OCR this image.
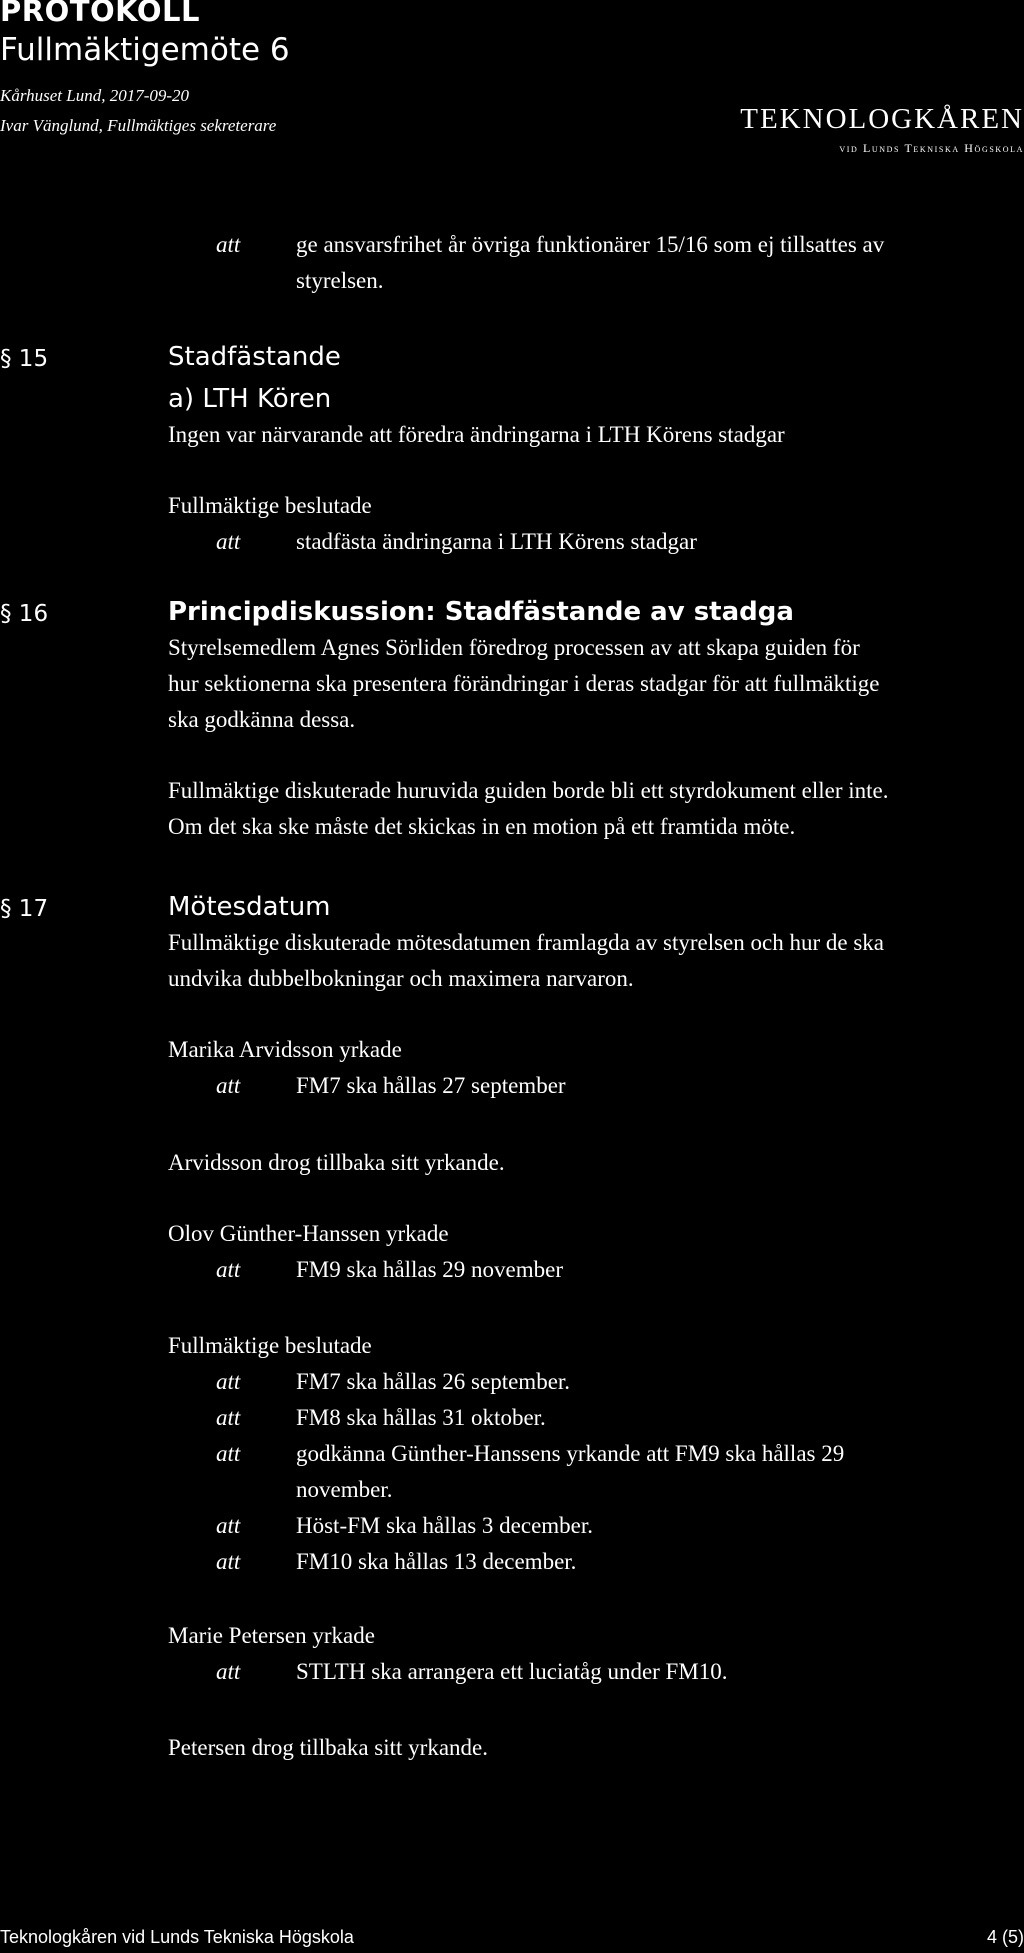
PROTOKOLL
Fullmäktigemöte 6
Kårhuset Lund, 2017-09-20
Ivar Vänglund, Fullmäktiges sekreterare	TEKNOLOGKÅREN
vid Lunds Tekniska Högskola
att ge ansvarsfrihet år övriga funktionärer 15/16 som ej tillsattes av
styrelsen.
§ 15	Stadfästande
a) LTH Kören
Ingen var närvarande att föredra ändringarna i LTH Körens stadgar
Fullmäktige beslutade
att stadfästa ändringarna i LTH Körens stadgar
§ 16	Principdiskussion: Stadfästande av stadga
Styrelsemedlem Agnes Sörliden föredrog processen av att skapa guiden för
hur sektionerna ska presentera förändringar i deras stadgar för att fullmäktige
ska godkänna dessa.
Fullmäktige diskuterade huruvida guiden borde bli ett styrdokument eller inte.
Om det ska ske måste det skickas in en motion på ett framtida möte.
§ 17	Mötesdatum
Fullmäktige diskuterade mötesdatumen framlagda av styrelsen och hur de ska
undvika dubbelbokningar och maximera narvaron.
Marika Arvidsson yrkade
att FM7 ska hållas 27 september
Arvidsson drog tillbaka sitt yrkande.
Olov Günther-Hanssen yrkade
att FM9 ska hållas 29 november
Fullmäktige beslutade
att FM7 ska hållas 26 september.
att FM8 ska hållas 31 oktober.
att godkänna Günther-Hanssens yrkande att FM9 ska hållas 29
november.
att Höst-FM ska hållas 3 december.
att FM10 ska hållas 13 december.
Marie Petersen yrkade
att STLTH ska arrangera ett luciatåg under FM10.
Petersen drog tillbaka sitt yrkande.
Teknologkåren vid Lunds Tekniska Högskola	4 (5)
